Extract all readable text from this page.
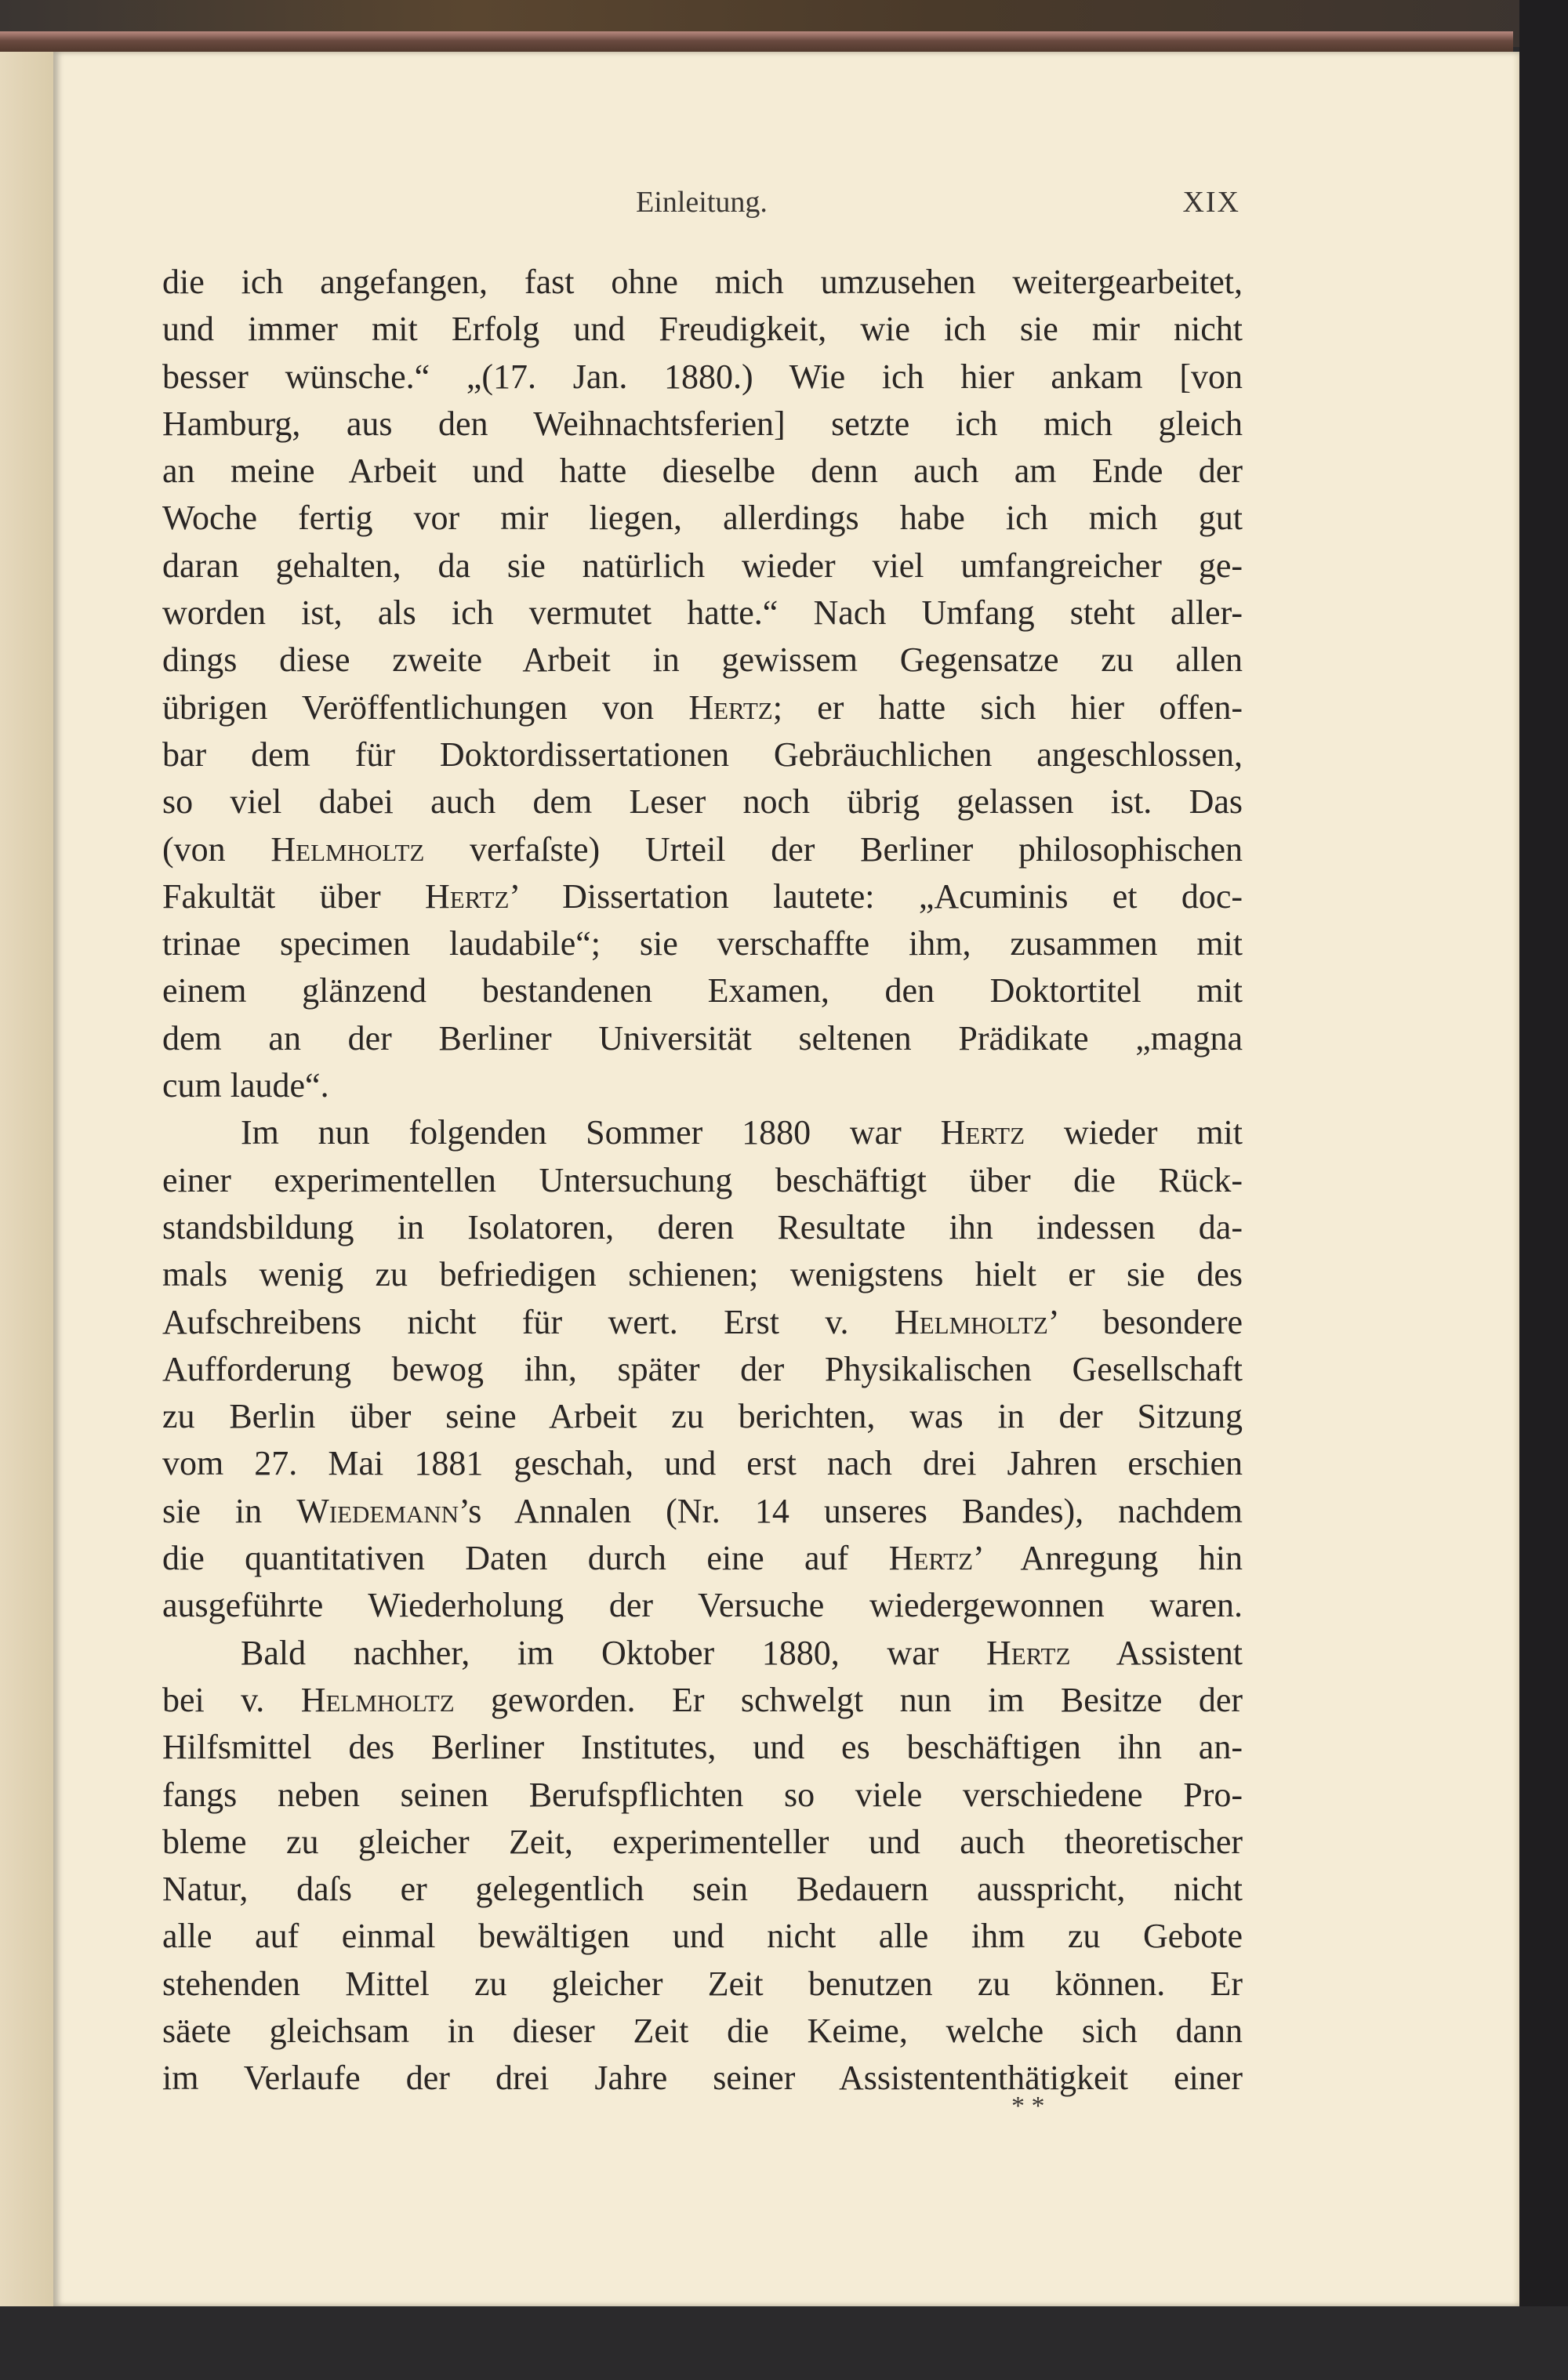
Einleitung.	XIX
die ich angefangen, fast ohne mich umzusehen weitergearbeitet,
und immer mit Erfolg und Freudigkeit, wie ich sie mir nicht
besser wünsche.“ „(17. Jan. 1880.) Wie ich hier ankam [von
Hamburg, aus den Weihnachtsferien] setzte ich mich gleich
an meine Arbeit und hatte dieselbe denn auch am Ende der
Woche fertig vor mir liegen, allerdings habe ich mich gut
daran gehalten, da sie natürlich wieder viel umfangreicher ge-
worden ist, als ich vermutet hatte.“ Nach Umfang steht aller-
dings diese zweite Arbeit in gewissem Gegensatze zu allen
übrigen Veröffentlichungen von Hertz; er hatte sich hier offen-
bar dem für Doktordissertationen Gebräuchlichen angeschlossen,
so viel dabei auch dem Leser noch übrig gelassen ist. Das
(von Helmholtz verfaſste) Urteil der Berliner philosophischen
Fakultät über Hertz’ Dissertation lautete: „Acuminis et doc-
trinae specimen laudabile“; sie verschaffte ihm, zusammen mit
einem glänzend bestandenen Examen, den Doktortitel mit
dem an der Berliner Universität seltenen Prädikate „magna
cum laude“.
Im nun folgenden Sommer 1880 war Hertz wieder mit
einer experimentellen Untersuchung beschäftigt über die Rück-
standsbildung in Isolatoren, deren Resultate ihn indessen da-
mals wenig zu befriedigen schienen; wenigstens hielt er sie des
Aufschreibens nicht für wert. Erst v. Helmholtz’ besondere
Aufforderung bewog ihn, später der Physikalischen Gesellschaft
zu Berlin über seine Arbeit zu berichten, was in der Sitzung
vom 27. Mai 1881 geschah, und erst nach drei Jahren erschien
sie in Wiedemann’s Annalen (Nr. 14 unseres Bandes), nachdem
die quantitativen Daten durch eine auf Hertz’ Anregung hin
ausgeführte Wiederholung der Versuche wiedergewonnen waren.
Bald nachher, im Oktober 1880, war Hertz Assistent
bei v. Helmholtz geworden. Er schwelgt nun im Besitze der
Hilfsmittel des Berliner Institutes, und es beschäftigen ihn an-
fangs neben seinen Berufspflichten so viele verschiedene Pro-
bleme zu gleicher Zeit, experimenteller und auch theoretischer
Natur, daſs er gelegentlich sein Bedauern ausspricht, nicht
alle auf einmal bewältigen und nicht alle ihm zu Gebote
stehenden Mittel zu gleicher Zeit benutzen zu können. Er
säete gleichsam in dieser Zeit die Keime, welche sich dann
im Verlaufe der drei Jahre seiner Assistententhätigkeit einer
* *
